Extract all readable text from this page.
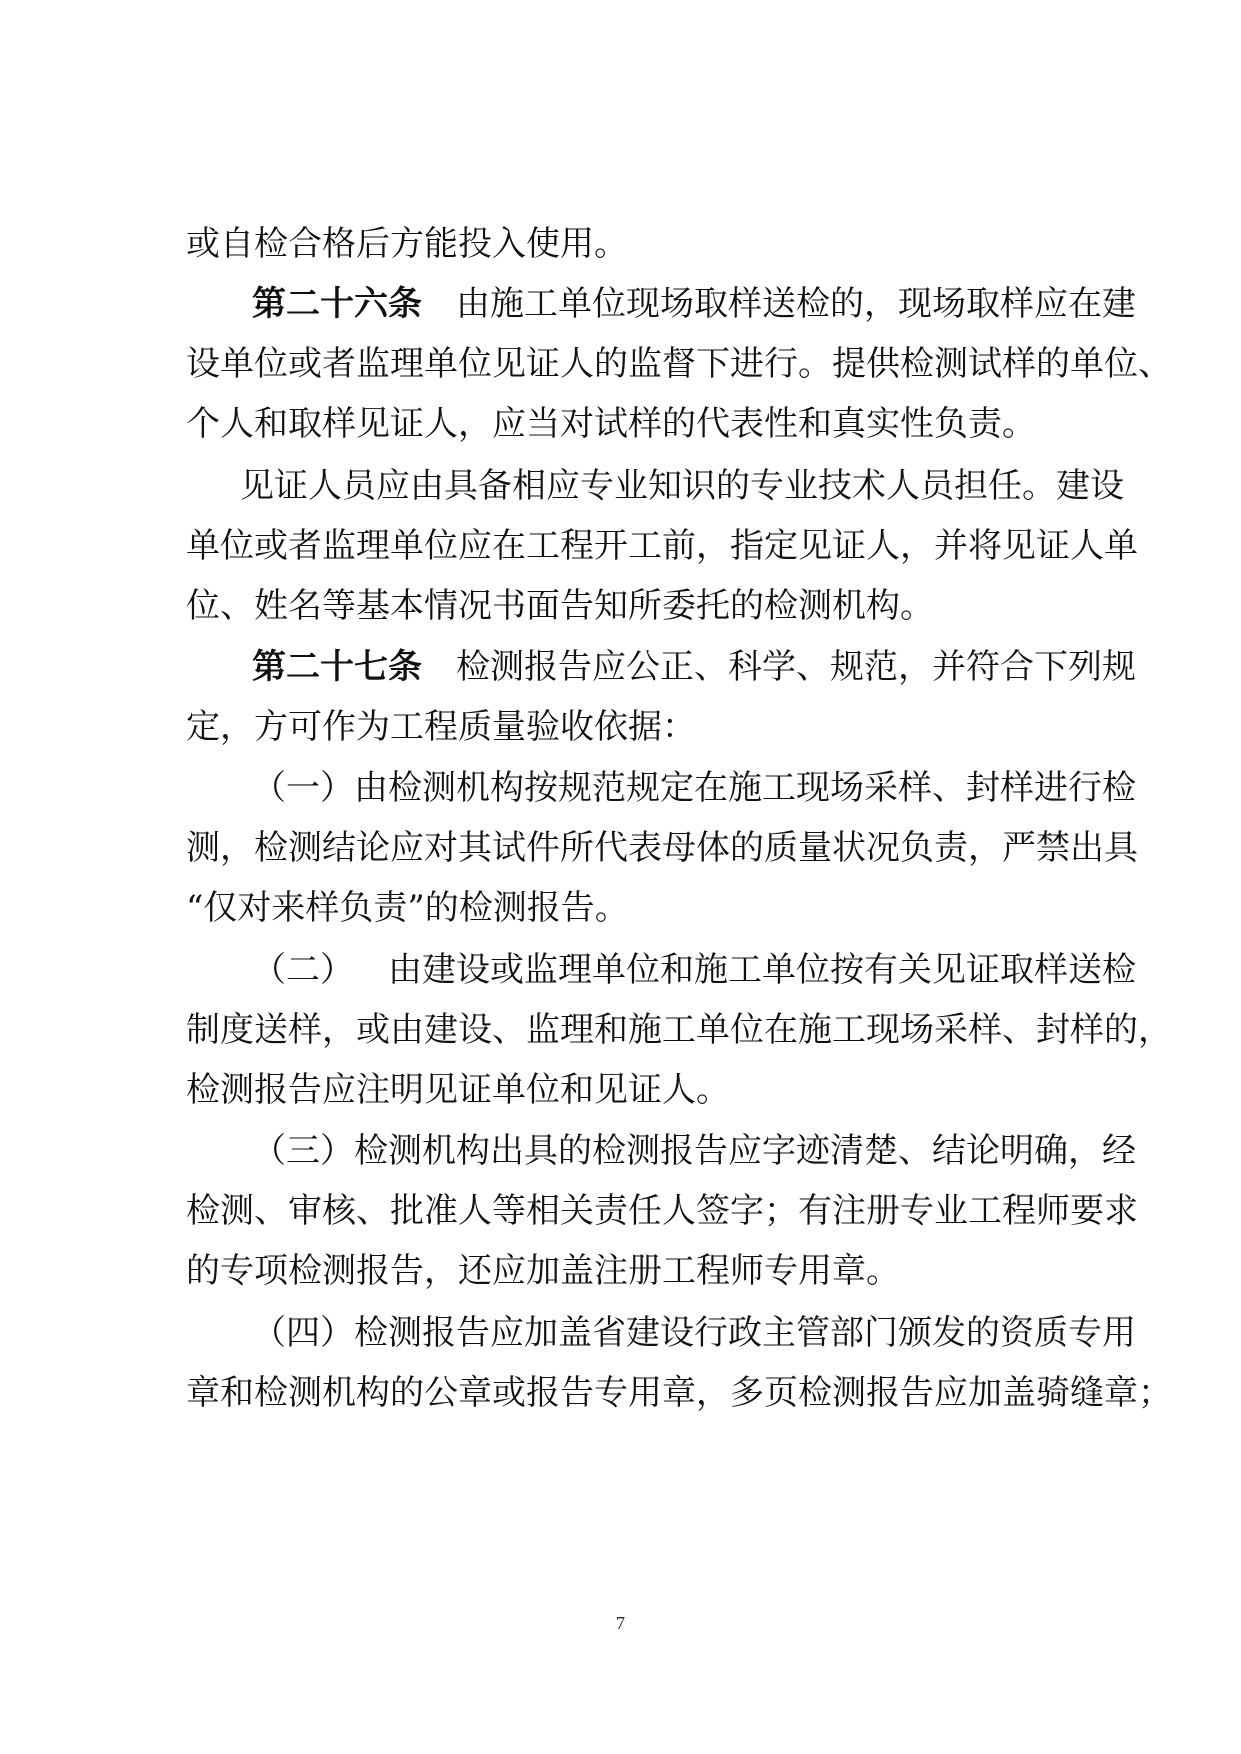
或自检合格后方能投入使用。
第二十六条 由施工单位现场取样送检的，现场取样应在建
设单位或者监理单位见证人的监督下进行。提供检测试样的单位、
个人和取样见证人，应当对试样的代表性和真实性负责。
见证人员应由具备相应专业知识的专业技术人员担任。建设
单位或者监理单位应在工程开工前，指定见证人，并将见证人单
位、姓名等基本情况书面告知所委托的检测机构。
第二十七条 检测报告应公正、科学、规范，并符合下列规
定，方可作为工程质量验收依据：
（一）由检测机构按规范规定在施工现场采样、封样进行检
测，检测结论应对其试件所代表母体的质量状况负责，严禁出具
“仅对来样负责”的检测报告。
（二） 由建设或监理单位和施工单位按有关见证取样送检
制度送样，或由建设、监理和施工单位在施工现场采样、封样的，
检测报告应注明见证单位和见证人。
（三）检测机构出具的检测报告应字迹清楚、结论明确，经
检测、审核、批准人等相关责任人签字；有注册专业工程师要求
的专项检测报告，还应加盖注册工程师专用章。
（四）检测报告应加盖省建设行政主管部门颁发的资质专用
章和检测机构的公章或报告专用章，多页检测报告应加盖骑缝章；
7
